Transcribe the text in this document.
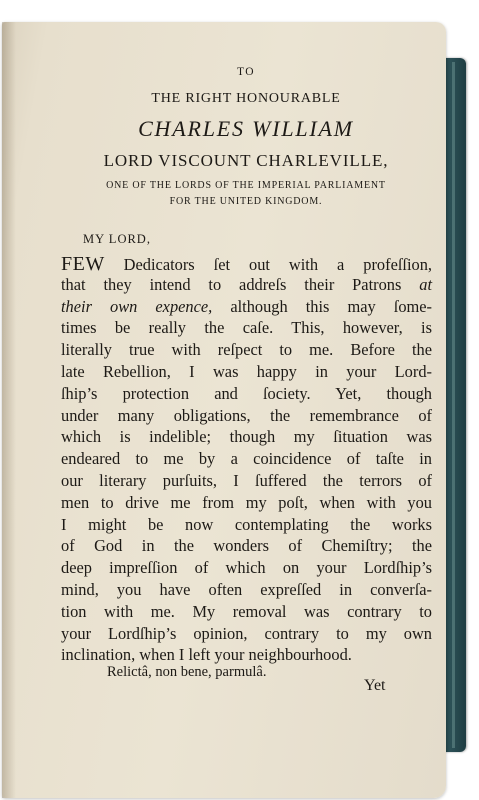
TO
THE RIGHT HONOURABLE
CHARLES WILLIAM
LORD VISCOUNT CHARLEVILLE,
ONE OF THE LORDS OF THE IMPERIAL PARLIAMENT
FOR THE UNITED KINGDOM.
MY LORD,
FEW Dedicators ſet out with a profeſſion,
that they intend to addreſs their Patrons at
their own expence, although this may ſome-
times be really the caſe. This, however, is
literally true with reſpect to me. Before the
late Rebellion, I was happy in your Lord-
ſhip’s protection and ſociety. Yet, though
under many obligations, the remembrance of
which is indelible; though my ſituation was
endeared to me by a coincidence of taſte in
our literary purſuits, I ſuffered the terrors of
men to drive me from my poſt, when with you
I might be now contemplating the works
of God in the wonders of Chemiſtry; the
deep impreſſion of which on your Lordſhip’s
mind, you have often expreſſed in converſa-
tion with me. My removal was contrary to
your Lordſhip’s opinion, contrary to my own
Relictâ, non bene, parmulâ.
Yet
inclination, when I left your neighbourhood.
